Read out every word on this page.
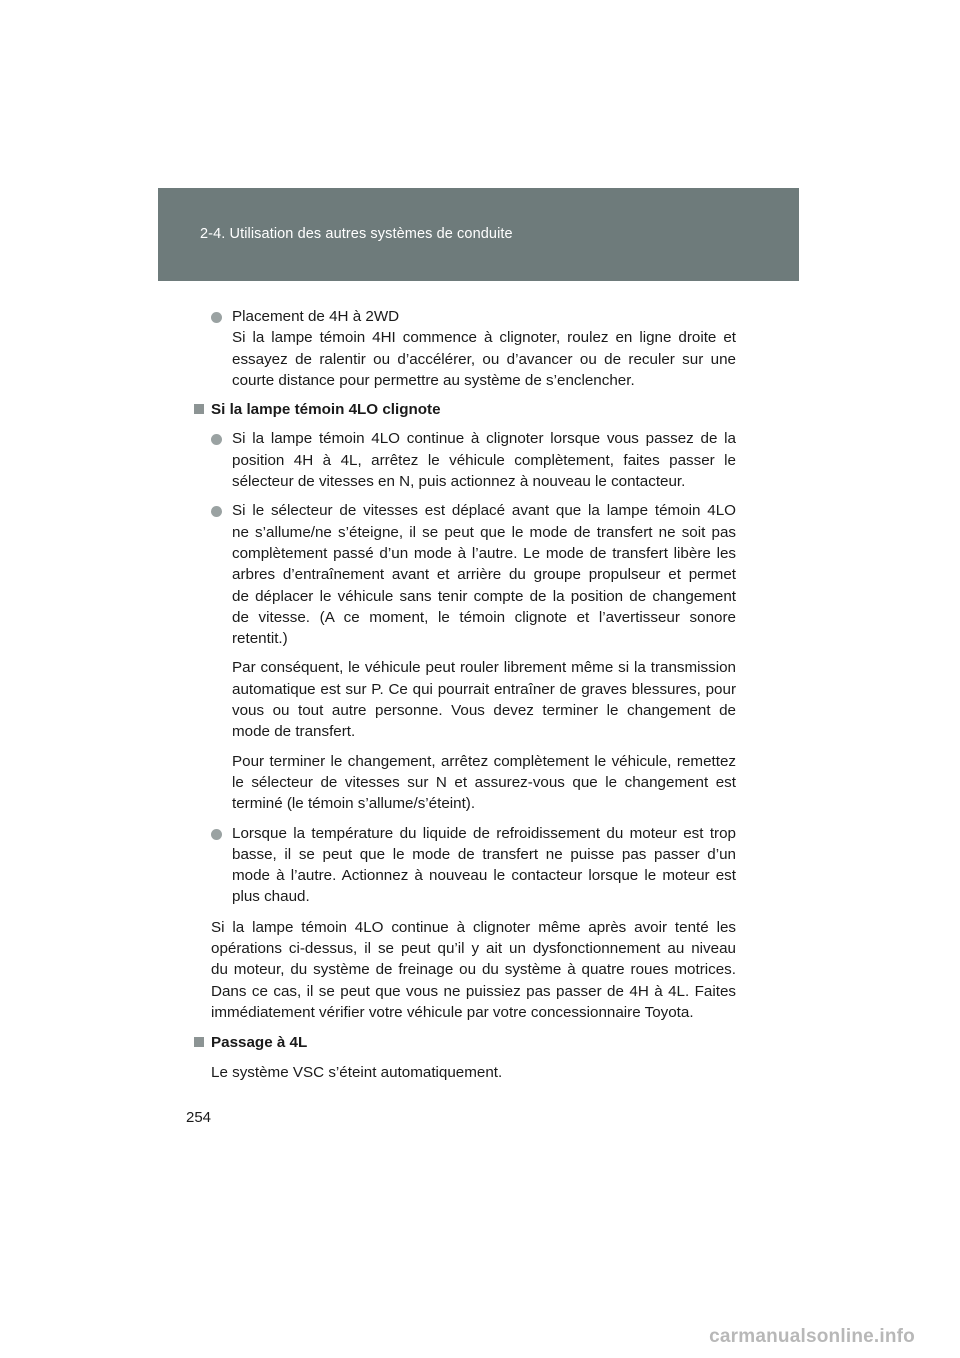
2-4. Utilisation des autres systèmes de conduite
Placement de 4H à 2WD
Si la lampe témoin 4HI commence à clignoter, roulez en ligne droite et
essayez de ralentir ou d’accélérer, ou d’avancer ou de reculer sur une
courte distance pour permettre au système de s’enclencher.
Si la lampe témoin 4LO clignote
Si la lampe témoin 4LO continue à clignoter lorsque vous passez de la
position 4H à 4L, arrêtez le véhicule complètement, faites passer le
sélecteur de vitesses en N, puis actionnez à nouveau le contacteur.
Si le sélecteur de vitesses est déplacé avant que la lampe témoin 4LO
ne s’allume/ne s’éteigne, il se peut que le mode de transfert ne soit pas
complètement passé d’un mode à l’autre. Le mode de transfert libère les
arbres d’entraînement avant et arrière du groupe propulseur et permet
de déplacer le véhicule sans tenir compte de la position de changement
de vitesse. (A ce moment, le témoin clignote et l’avertisseur sonore
retentit.)
Par conséquent, le véhicule peut rouler librement même si la transmission
automatique est sur P. Ce qui pourrait entraîner de graves blessures, pour
vous ou tout autre personne. Vous devez terminer le changement de
mode de transfert.
Pour terminer le changement, arrêtez complètement le véhicule, remettez
le sélecteur de vitesses sur N et assurez-vous que le changement est
terminé (le témoin s’allume/s’éteint).
Lorsque la température du liquide de refroidissement du moteur est trop
basse, il se peut que le mode de transfert ne puisse pas passer d’un
mode à l’autre. Actionnez à nouveau le contacteur lorsque le moteur est
plus chaud.
Si la lampe témoin 4LO continue à clignoter même après avoir tenté les
opérations ci-dessus, il se peut qu’il y ait un dysfonctionnement au niveau
du moteur, du système de freinage ou du système à quatre roues motrices.
Dans ce cas, il se peut que vous ne puissiez pas passer de 4H à 4L. Faites
immédiatement vérifier votre véhicule par votre concessionnaire Toyota.
Passage à 4L
Le système VSC s’éteint automatiquement.
254
carmanualsonline.info
